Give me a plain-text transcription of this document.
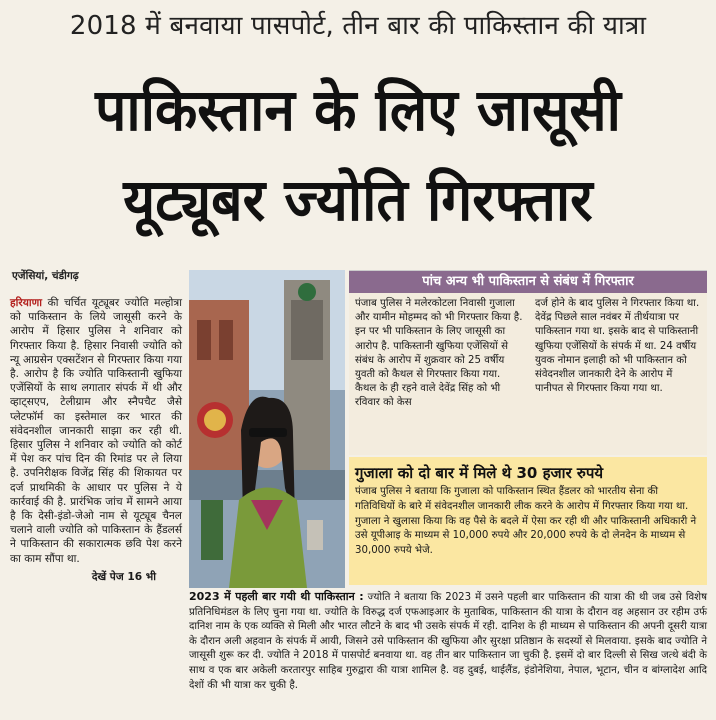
2018 में बनवाया पासपोर्ट, तीन बार की पाकिस्तान की यात्रा
पाकिस्तान के लिए जासूसी
यूट्यूबर ज्योति गिरफ्तार
एजेंसियां, चंडीगढ़
हरियाणा की चर्चित यूट्यूबर ज्योति मल्होत्रा को पाकिस्तान के लिये जासूसी करने के आरोप में हिसार पुलिस ने शनिवार को गिरफ्तार किया है. हिसार निवासी ज्योति को न्यू आग्रसेन एक्सटेंशन से गिरफ्तार किया गया है. आरोप है कि ज्योति पाकिस्तानी खुफिया एजेंसियों के साथ लगातार संपर्क में थी और व्हाट्सएप, टेलीग्राम और स्नैपचैट जैसे प्लेटफॉर्म का इस्तेमाल कर भारत की संवेदनशील जानकारी साझा कर रही थी. हिसार पुलिस ने शनिवार को ज्योति को कोर्ट में पेश कर पांच दिन की रिमांड पर ले लिया है. उपनिरीक्षक विजेंद्र सिंह की शिकायत पर दर्ज प्राथमिकी के आधार पर पुलिस ने ये कार्रवाई की है. प्रारंभिक जांच में सामने आया है कि देसी-इंडो-जेओ नाम से यूट्यूब चैनल चलाने वाली ज्योति को पाकिस्तान के हैंडलर्स ने पाकिस्तान की सकारात्मक छवि पेश करने का काम सौंपा था.
देखें पेज 16 भी
पांच अन्य भी पाकिस्तान से संबंध में गिरफ्तार
पंजाब पुलिस ने मलेरकोटला निवासी गुजाला और यामीन मोहम्मद को भी गिरफ्तार किया है. इन पर भी पाकिस्तान के लिए जासूसी का आरोप है. पाकिस्तानी खुफिया एजेंसियों से संबंध के आरोप में शुक्रवार को 25 वर्षीय युवती को कैथल से गिरफ्तार किया गया. कैथल के ही रहने वाले देवेंद्र सिंह को भी रविवार को केस
दर्ज होने के बाद पुलिस ने गिरफ्तार किया था. देवेंद्र पिछले साल नवंबर में तीर्थयात्रा पर पाकिस्तान गया था. इसके बाद से पाकिस्तानी खुफिया एजेंसियों के संपर्क में था. 24 वर्षीय युवक नोमान इलाही को भी पाकिस्तान को संवेदनशील जानकारी देने के आरोप में पानीपत से गिरफ्तार किया गया था.
गुजाला को दो बार में मिले थे 30 हजार रुपये
पंजाब पुलिस ने बताया कि गुजाला को पाकिस्तान स्थित हैंडलर को भारतीय सेना की गतिविधियों के बारे में संवेदनशील जानकारी लीक करने के आरोप में गिरफ्तार किया गया था. गुजाला ने खुलासा किया कि वह पैसे के बदले में ऐसा कर रही थी और पाकिस्तानी अधिकारी ने उसे यूपीआइ के माध्यम से 10,000 रुपये और 20,000 रुपये के दो लेनदेन के माध्यम से 30,000 रुपये भेजे.
2023 में पहली बार गयी थी पाकिस्तान : ज्योति ने बताया कि 2023 में उसने पहली बार पाकिस्तान की यात्रा की थी जब उसे विशेष प्रतिनिधिमंडल के लिए चुना गया था. ज्योति के विरुद्ध दर्ज एफआइआर के मुताबिक, पाकिस्तान की यात्रा के दौरान वह अहसान उर रहीम उर्फ दानिश नाम के एक व्यक्ति से मिली और भारत लौटने के बाद भी उसके संपर्क में रही. दानिश के ही माध्यम से पाकिस्तान की अपनी दूसरी यात्रा के दौरान अली अहवान के संपर्क में आयी, जिसने उसे पाकिस्तान की खुफिया और सुरक्षा प्रतिष्ठान के सदस्यों से मिलवाया. इसके बाद ज्योति ने जासूसी शुरू कर दी. ज्योति ने 2018 में पासपोर्ट बनवाया था. वह तीन बार पाकिस्तान जा चुकी है. इसमें दो बार दिल्ली से सिख जत्थे बंदी के साथ व एक बार अकेली करतारपुर साहिब गुरुद्वारा की यात्रा शामिल है. वह दुबई, थाईलैंड, इंडोनेशिया, नेपाल, भूटान, चीन व बांग्लादेश आदि देशों की भी यात्रा कर चुकी है.
